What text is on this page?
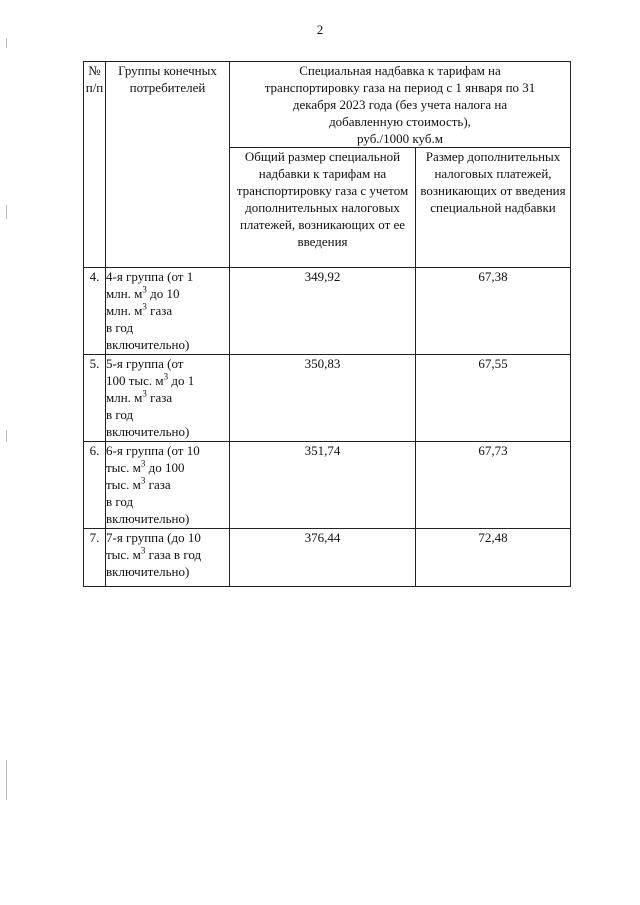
2
№ п/п	Группы конечных потребителей	Специальная надбавка к тарифам на
транспортировку газа на период с 1 января по 31
декабря 2023 года (без учета налога на
добавленную стоимость),
руб./1000 куб.м	

		Общий размер специальной надбавки к тарифам на транспортировку газа с учетом дополнительных налоговых платежей, возникающих от ее введения	Размер дополнительных налоговых платежей, возникающих от введения специальной надбавки
4.	4-я группа (от 1
млн. $м^3$ до 10
млн. $м^3$ газа
в год
включительно)	349,92	67,38
5.	5-я группа (от
100 тыс. $м^3$ до 1
млн. $м^3$ газа
в год
включительно)	350,83	67,55
6.	6-я группа (от 10
тыс. $м^3$ до 100
тыс. $м^3$ газа
в год
включительно)	351,74	67,73
7.	7-я группа (до 10
тыс. $м^3$ газа в год
включительно)	376,44	72,48
